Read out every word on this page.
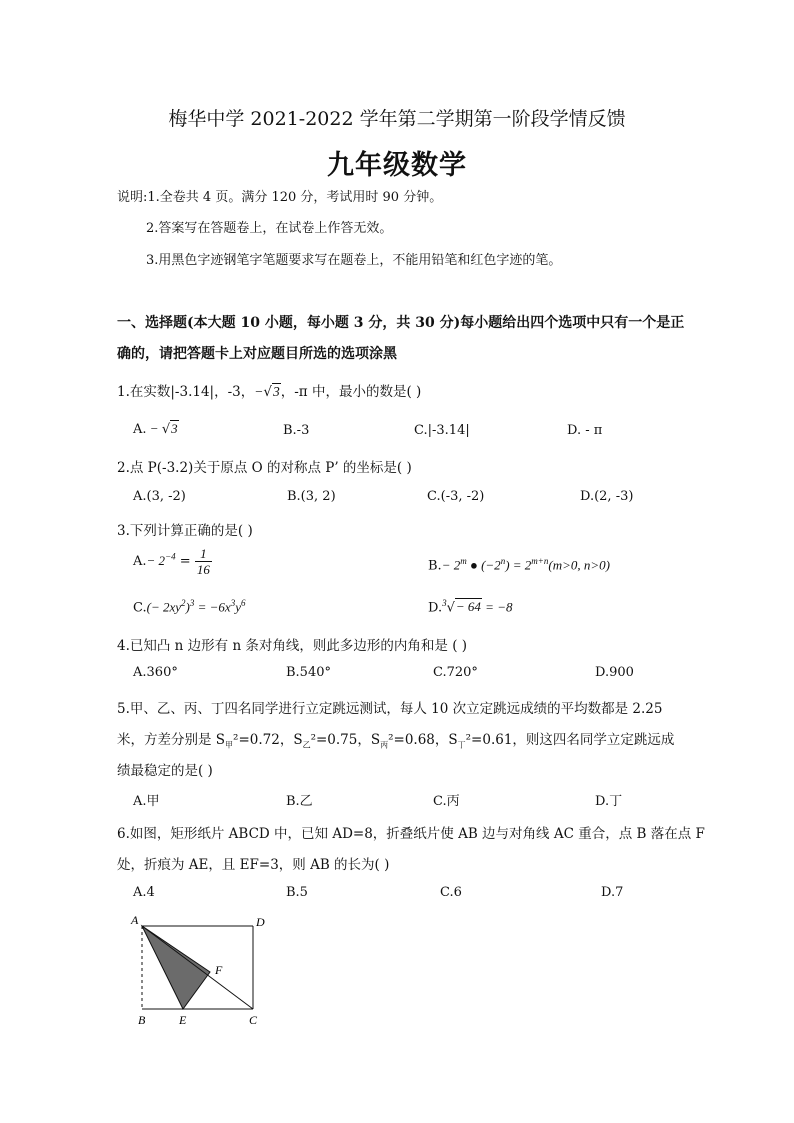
梅华中学 2021-2022 学年第二学期第一阶段学情反馈
九年级数学
说明:1.全卷共 4 页。满分 120 分，考试用时 90 分钟。
2.答案写在答题卷上，在试卷上作答无效。
3.用黑色字迹钢笔字笔题要求写在题卷上，不能用铅笔和红色字迹的笔。
一、选择题(本大题 10 小题，每小题 3 分，共 30 分)每小题给出四个选项中只有一个是正
确的，请把答题卡上对应题目所选的选项涂黑
1.在实数|-3.14|，-3，−√3，-π 中，最小的数是( )
A. − √3	B.-3	C.|-3.14|	D. - π
2.点 P(-3.2)关于原点 O 的对称点 P’ 的坐标是( )
A.(3, -2)	B.(3, 2)	C.(-3, -2)	D.(2, -3)
3.下列计算正确的是( )
$A.- 2^{-4} = \frac{1}{16}$	$B.- 2^m$ ● $(-2^n) = 2^{m+n}(m>0$, n>0)
$C.(- 2xy^2)^3 = -6x^3y^6$	D.$^3$√− 64 = −8
4.已知凸 n 边形有 n 条对角线，则此多边形的内角和是 ( )
A.360°	B.540°	C.720°	D.900
5.甲、乙、丙、丁四名同学进行立定跳远测试，每人 10 次立定跳远成绩的平均数都是 2.25
米，方差分别是 $S_甲^2=0.72$，$S_乙^2=0.75$，$S_丙^2=0.68$，$S_丁^2=0.61$，则这四名同学立定跳远成
绩最稳定的是( )
A.甲	B.乙	C.丙	D.丁
6.如图，矩形纸片 ABCD 中，已知 AD=8，折叠纸片使 AB 边与对角线 AC 重合，点 B 落在点 F
处，折痕为 AE，且 EF=3，则 AB 的长为( )
A.4	B.5	C.6	D.7
A	D
F
B	E	C
